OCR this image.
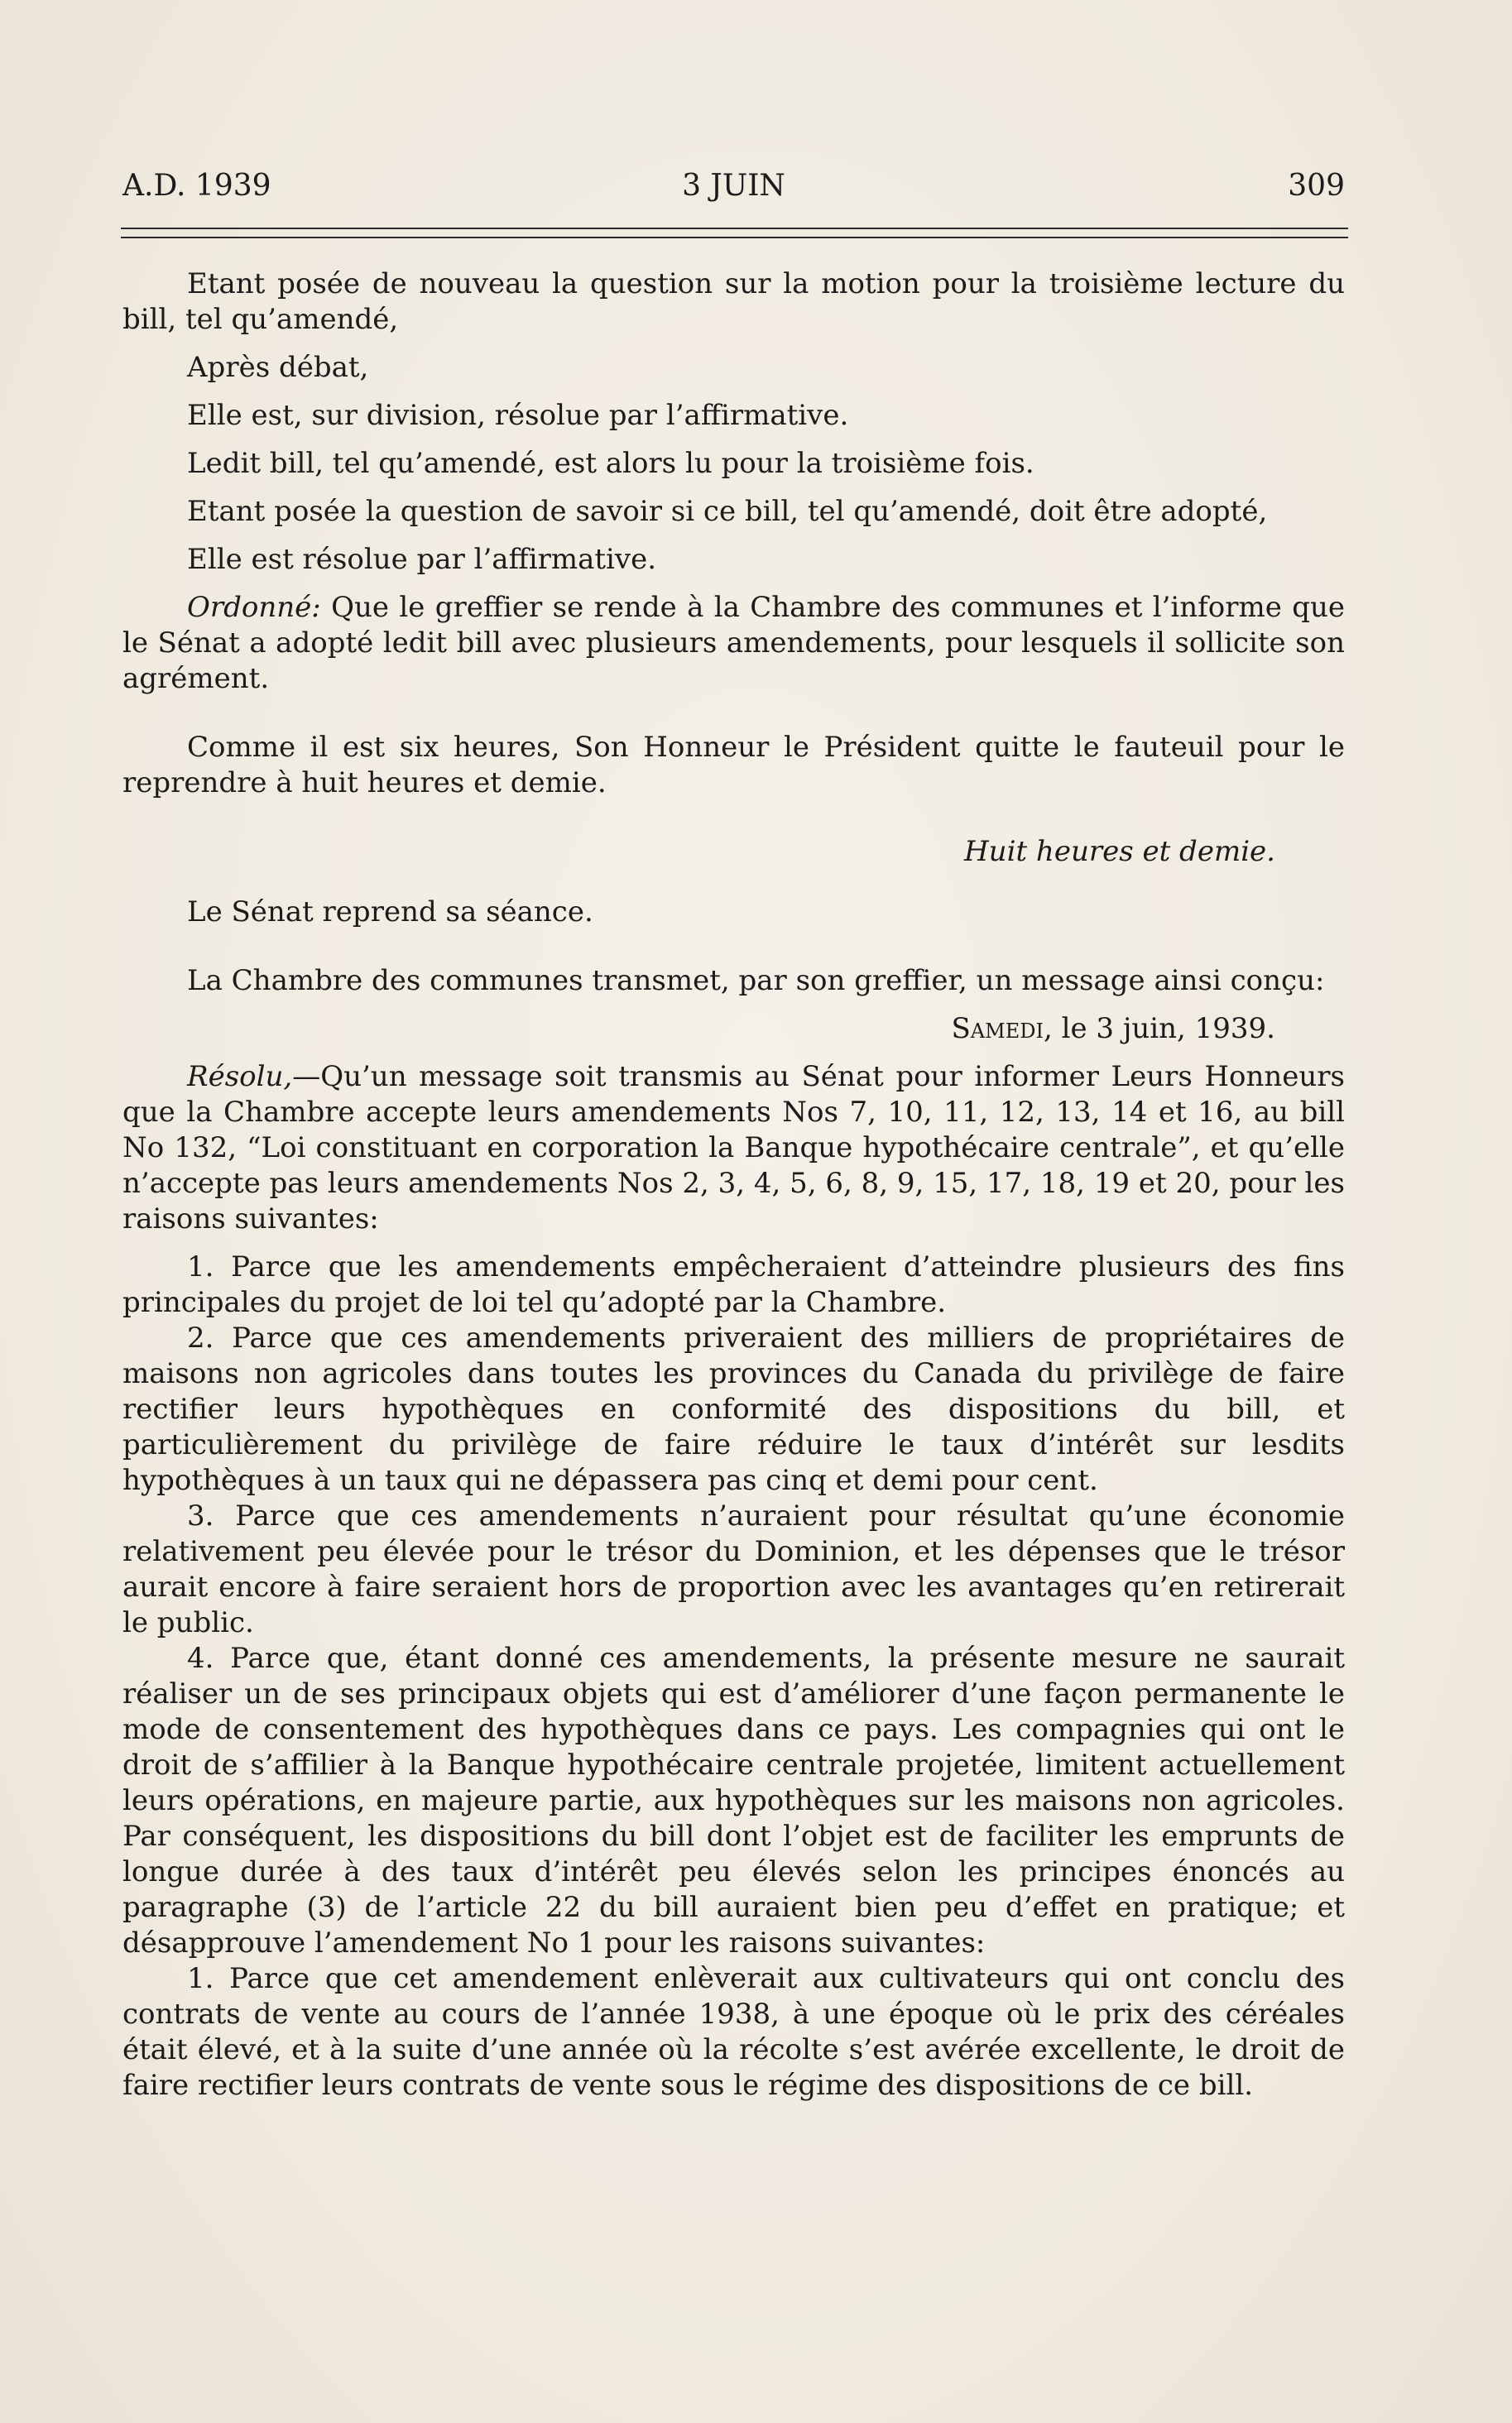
A.D. 1939	3 JUIN	309

Etant posée de nouveau la question sur la motion pour la troisième lecture du bill, tel qu’amendé,

Après débat,

Elle est, sur division, résolue par l’affirmative.

Ledit bill, tel qu’amendé, est alors lu pour la troisième fois.

Etant posée la question de savoir si ce bill, tel qu’amendé, doit être adopté,

Elle est résolue par l’affirmative.

Ordonné: Que le greffier se rende à la Chambre des communes et l’informe que le Sénat a adopté ledit bill avec plusieurs amendements, pour lesquels il sollicite son agrément.

Comme il est six heures, Son Honneur le Président quitte le fauteuil pour le reprendre à huit heures et demie.

Huit heures et demie.

Le Sénat reprend sa séance.

La Chambre des communes transmet, par son greffier, un message ainsi conçu:

Samedi, le 3 juin, 1939.

Résolu,—Qu’un message soit transmis au Sénat pour informer Leurs Honneurs que la Chambre accepte leurs amendements Nos 7, 10, 11, 12, 13, 14 et 16, au bill No 132, “Loi constituant en corporation la Banque hypothécaire centrale”, et qu’elle n’accepte pas leurs amendements Nos 2, 3, 4, 5, 6, 8, 9, 15, 17, 18, 19 et 20, pour les raisons suivantes:

1. Parce que les amendements empêcheraient d’atteindre plusieurs des fins principales du projet de loi tel qu’adopté par la Chambre.

2. Parce que ces amendements priveraient des milliers de propriétaires de maisons non agricoles dans toutes les provinces du Canada du privilège de faire rectifier leurs hypothèques en conformité des dispositions du bill, et particulièrement du privilège de faire réduire le taux d’intérêt sur lesdits hypothèques à un taux qui ne dépassera pas cinq et demi pour cent.

3. Parce que ces amendements n’auraient pour résultat qu’une économie relativement peu élevée pour le trésor du Dominion, et les dépenses que le trésor aurait encore à faire seraient hors de proportion avec les avantages qu’en retirerait le public.

4. Parce que, étant donné ces amendements, la présente mesure ne saurait réaliser un de ses principaux objets qui est d’améliorer d’une façon permanente le mode de consentement des hypothèques dans ce pays. Les compagnies qui ont le droit de s’affilier à la Banque hypothécaire centrale projetée, limitent actuellement leurs opérations, en majeure partie, aux hypothèques sur les maisons non agricoles. Par conséquent, les dispositions du bill dont l’objet est de faciliter les emprunts de longue durée à des taux d’intérêt peu élevés selon les principes énoncés au paragraphe (3) de l’article 22 du bill auraient bien peu d’effet en pratique; et désapprouve l’amendement No 1 pour les raisons suivantes:

1. Parce que cet amendement enlèverait aux cultivateurs qui ont conclu des contrats de vente au cours de l’année 1938, à une époque où le prix des céréales était élevé, et à la suite d’une année où la récolte s’est avérée excellente, le droit de faire rectifier leurs contrats de vente sous le régime des dispositions de ce bill.
